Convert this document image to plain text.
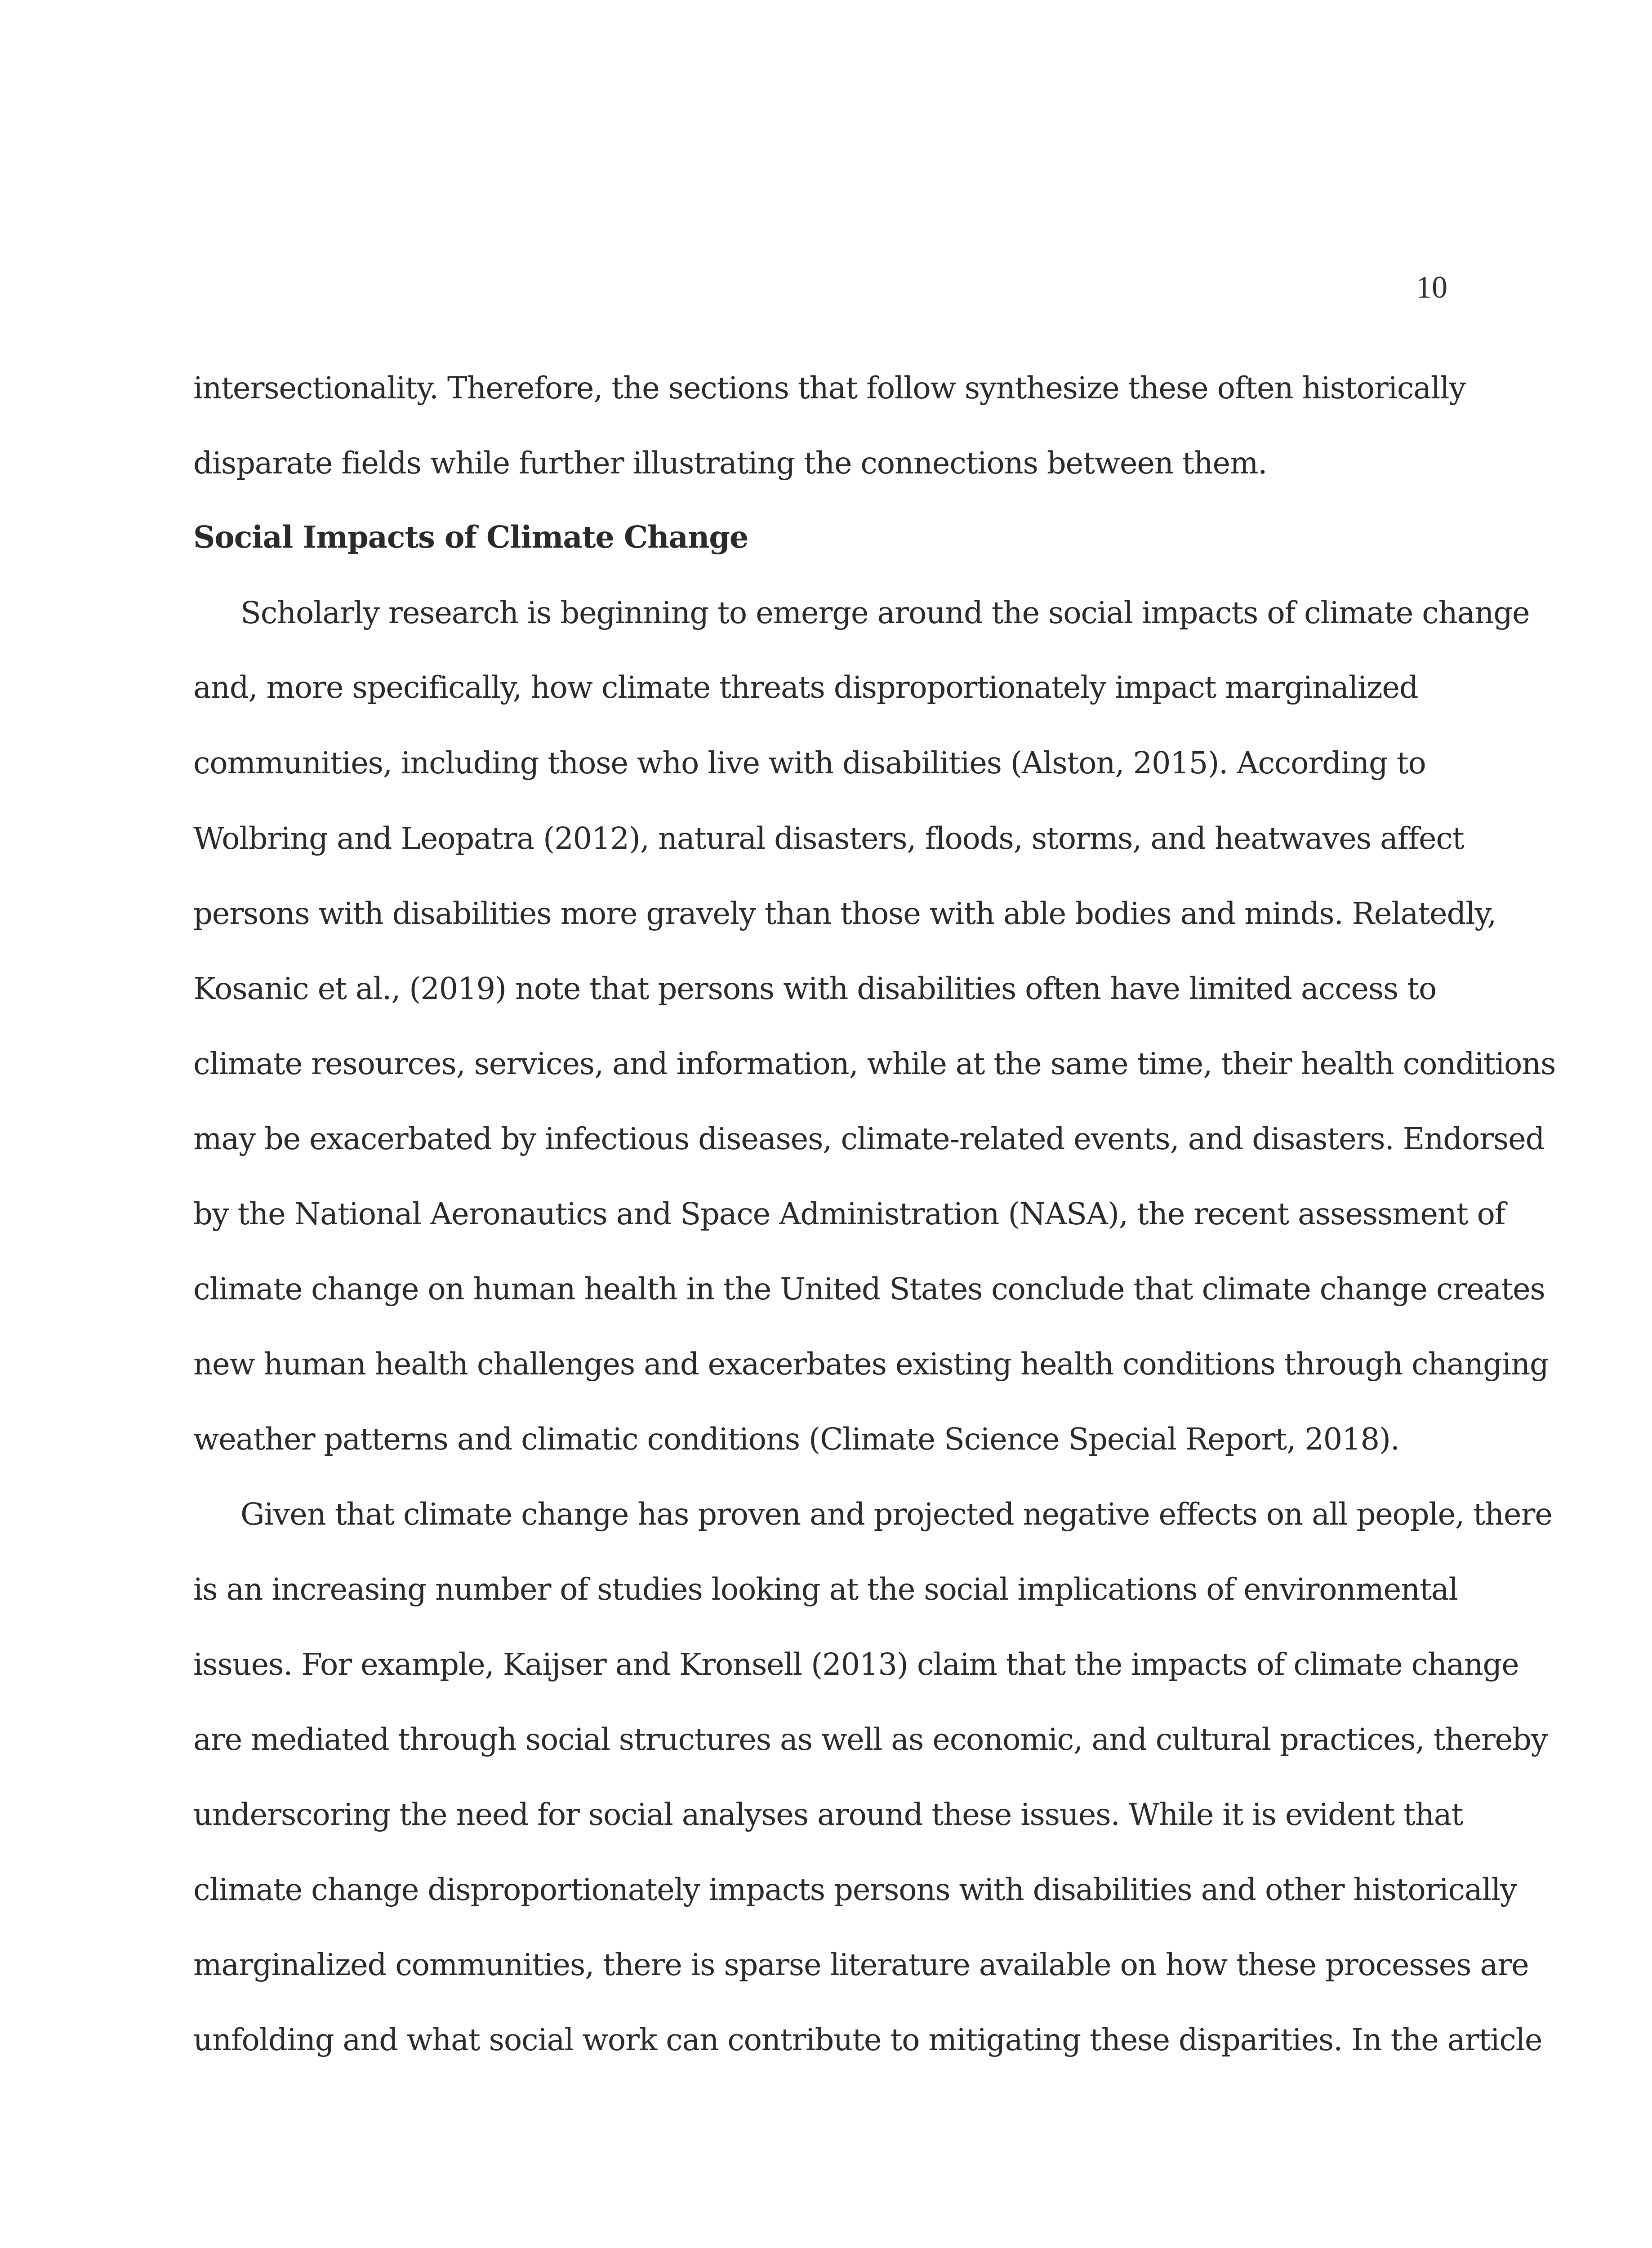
10
intersectionality. Therefore, the sections that follow synthesize these often historically
disparate fields while further illustrating the connections between them.
Social Impacts of Climate Change
Scholarly research is beginning to emerge around the social impacts of climate change
and, more specifically, how climate threats disproportionately impact marginalized
communities, including those who live with disabilities (Alston, 2015). According to
Wolbring and Leopatra (2012), natural disasters, floods, storms, and heatwaves affect
persons with disabilities more gravely than those with able bodies and minds. Relatedly,
Kosanic et al., (2019) note that persons with disabilities often have limited access to
climate resources, services, and information, while at the same time, their health conditions
may be exacerbated by infectious diseases, climate-related events, and disasters. Endorsed
by the National Aeronautics and Space Administration (NASA), the recent assessment of
climate change on human health in the United States conclude that climate change creates
new human health challenges and exacerbates existing health conditions through changing
weather patterns and climatic conditions (Climate Science Special Report, 2018).
Given that climate change has proven and projected negative effects on all people, there
is an increasing number of studies looking at the social implications of environmental
issues. For example, Kaijser and Kronsell (2013) claim that the impacts of climate change
are mediated through social structures as well as economic, and cultural practices, thereby
underscoring the need for social analyses around these issues. While it is evident that
climate change disproportionately impacts persons with disabilities and other historically
marginalized communities, there is sparse literature available on how these processes are
unfolding and what social work can contribute to mitigating these disparities. In the article
